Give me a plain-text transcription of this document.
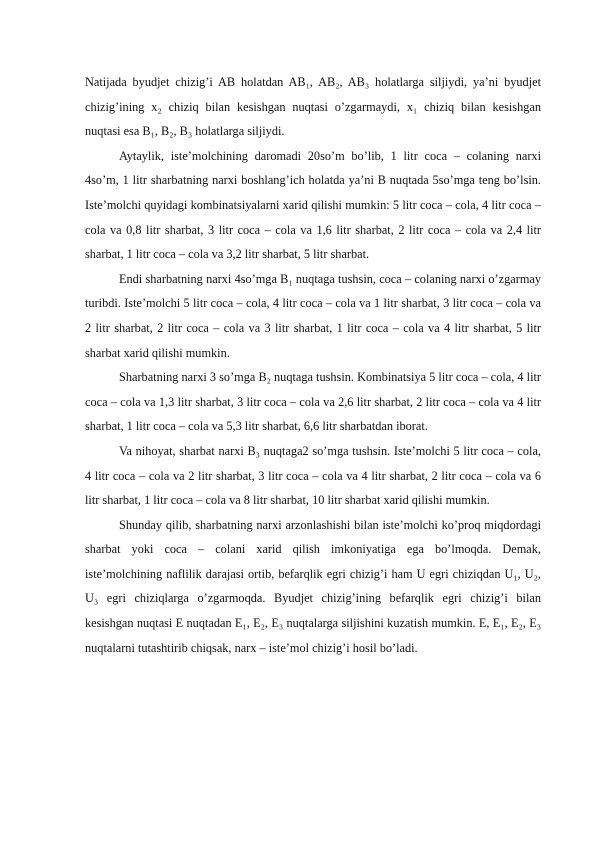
Natijada byudjet chizig’i AB holatdan AB₁, AB₂, AB₃ holatlarga siljiydi, ya’ni byudjet chizig’ining x₂ chiziq bilan kesishgan nuqtasi o’zgarmaydi, x₁ chiziq bilan kesishgan nuqtasi esa B₁, B₂, B₃ holatlarga siljiydi.

Aytaylik, iste’molchining daromadi 20so’m bo’lib, 1 litr coca – colaning narxi 4so’m, 1 litr sharbatning narxi boshlang’ich holatda ya’ni B nuqtada 5so’mga teng bo’lsin. Iste’molchi quyidagi kombinatsiyalarni xarid qilishi mumkin: 5 litr coca – cola, 4 litr coca – cola va 0,8 litr sharbat, 3 litr coca – cola va 1,6 litr sharbat, 2 litr coca – cola va 2,4 litr sharbat, 1 litr coca – cola va 3,2 litr sharbat, 5 litr sharbat.

Endi sharbatning narxi 4so’mga B₁ nuqtaga tushsin, coca – colaning narxi o’zgarmay turibdi. Iste’molchi 5 litr coca – cola, 4 litr coca – cola va 1 litr sharbat, 3 litr coca – cola va 2 litr sharbat, 2 litr coca – cola va 3 litr sharbat, 1 litr coca – cola va 4 litr sharbat, 5 litr sharbat xarid qilishi mumkin.

Sharbatning narxi 3 so’mga B₂ nuqtaga tushsin. Kombinatsiya 5 litr coca – cola, 4 litr coca – cola va 1,3 litr sharbat, 3 litr coca – cola va 2,6 litr sharbat, 2 litr coca – cola va 4 litr sharbat, 1 litr coca – cola va 5,3 litr sharbat, 6,6 litr sharbatdan iborat.

Va nihoyat, sharbat narxi B₃ nuqtaga2 so’mga tushsin. Iste’molchi 5 litr coca – cola, 4 litr coca – cola va 2 litr sharbat, 3 litr coca – cola va 4 litr sharbat, 2 litr coca – cola va 6 litr sharbat, 1 litr coca – cola va 8 litr sharbat, 10 litr sharbat xarid qilishi mumkin.

Shunday qilib, sharbatning narxi arzonlashishi bilan iste’molchi ko’proq miqdordagi sharbat yoki coca – colani xarid qilish imkoniyatiga ega bo’lmoqda. Demak, iste’molchining naflilik darajasi ortib, befarqlik egri chizig’i ham U egri chiziqdan U₁, U₂, U₃ egri chiziqlarga o’zgarmoqda. Byudjet chizig’ining befarqlik egri chizig’i bilan kesishgan nuqtasi E nuqtadan E₁, E₂, E₃ nuqtalarga siljishini kuzatish mumkin. E, E₁, E₂, E₃ nuqtalarni tutashtirib chiqsak, narx – iste’mol chizig’i hosil bo’ladi.
